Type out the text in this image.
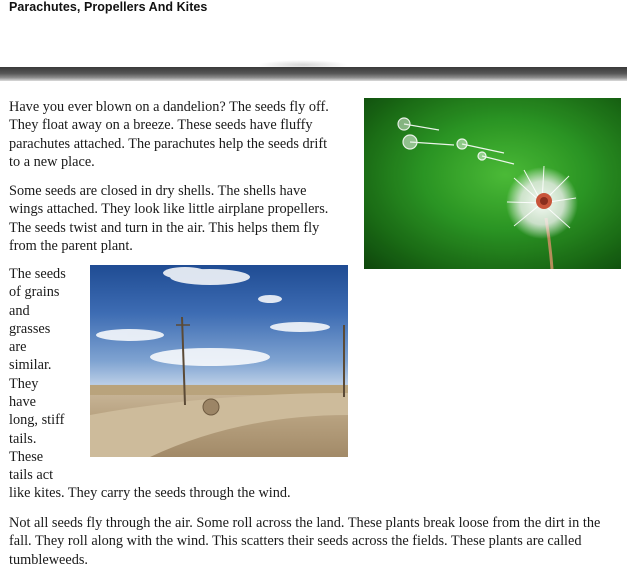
Parachutes, Propellers And Kites

Have you ever blown on a dandelion? The seeds fly off. They float away on a breeze. These seeds have fluffy parachutes attached. The parachutes help the seeds drift to a new place.

Some seeds are closed in dry shells. The shells have wings attached. They look like little airplane propellers. The seeds twist and turn in the air. This helps them fly from the parent plant.

The seeds
of grains
and
grasses
are
similar.
They
have
long, stiff
tails.
These
tails act

like kites. They carry the seeds through the wind.

Not all seeds fly through the air. Some roll across the land. These plants break loose from the dirt in the fall. They roll along with the wind. This scatters their seeds across the fields. These plants are called tumbleweeds.
